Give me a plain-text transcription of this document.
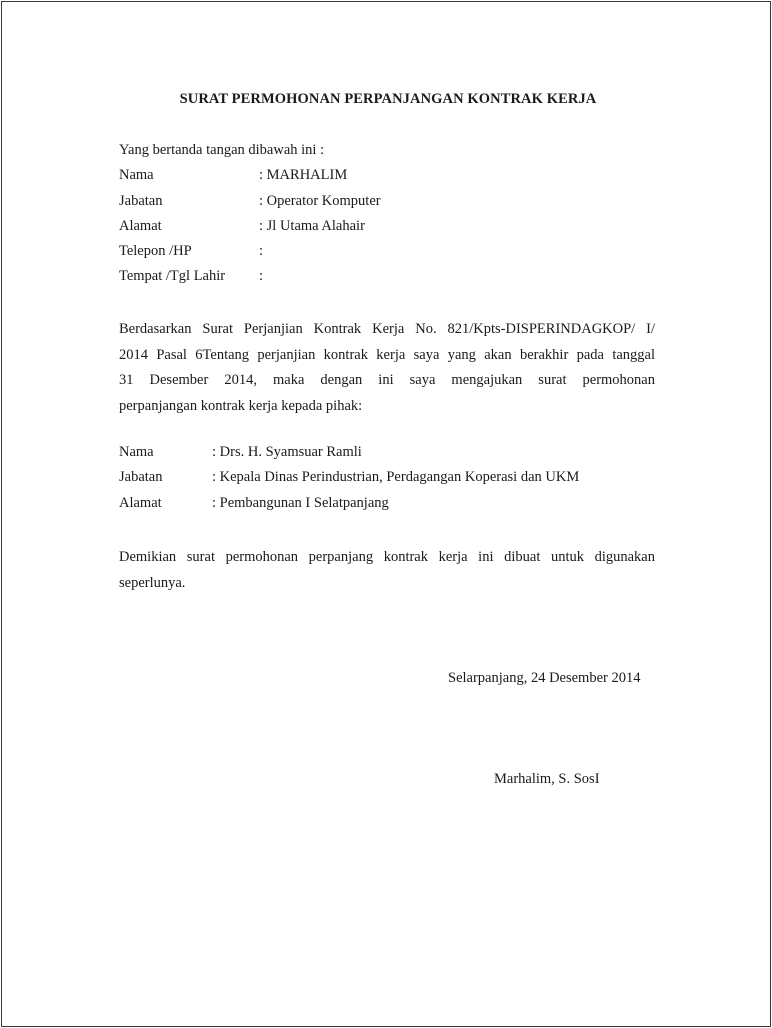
SURAT PERMOHONAN PERPANJANGAN KONTRAK KERJA
Yang bertanda tangan dibawah ini :
Nama	: MARHALIM
Jabatan	: Operator Komputer
Alamat	: Jl Utama Alahair
Telepon /HP	:
Tempat /Tgl Lahir :
Berdasarkan Surat Perjanjian Kontrak Kerja No. 821/Kpts-DISPERINDAGKOP/ I/
2014 Pasal 6Tentang perjanjian kontrak kerja saya yang akan berakhir pada tanggal
31 Desember 2014, maka dengan ini saya mengajukan surat permohonan
perpanjangan kontrak kerja kepada pihak:
Nama	: Drs. H. Syamsuar Ramli
Jabatan	: Kepala Dinas Perindustrian, Perdagangan Koperasi dan UKM
Alamat	: Pembangunan I Selatpanjang
Demikian surat permohonan perpanjang kontrak kerja ini dibuat untuk digunakan
seperlunya.
Selarpanjang, 24 Desember 2014
Marhalim, S. SosI
